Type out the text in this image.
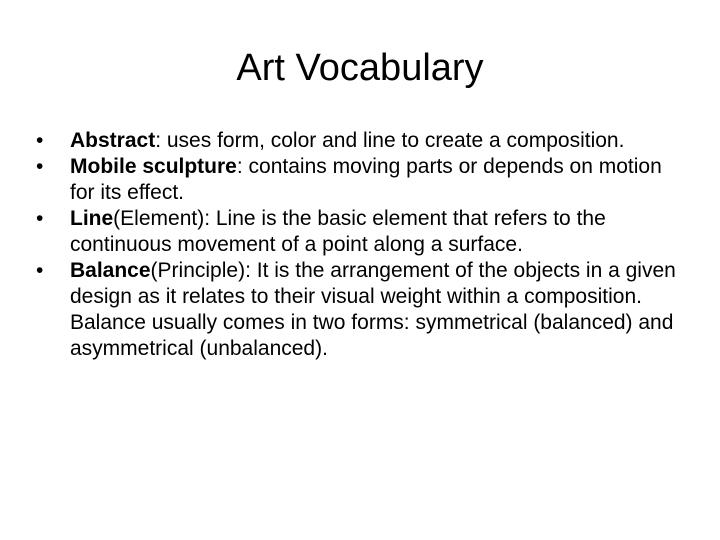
Art Vocabulary
•	Abstract: uses form, color and line to create a composition.
•	Mobile sculpture: contains moving parts or depends on motion for its effect.
•	Line(Element): Line is the basic element that refers to the continuous movement of a point along a surface.
•	Balance(Principle): It is the arrangement of the objects in a given design as it relates to their visual weight within a composition. Balance usually comes in two forms: symmetrical (balanced) and asymmetrical (unbalanced).
